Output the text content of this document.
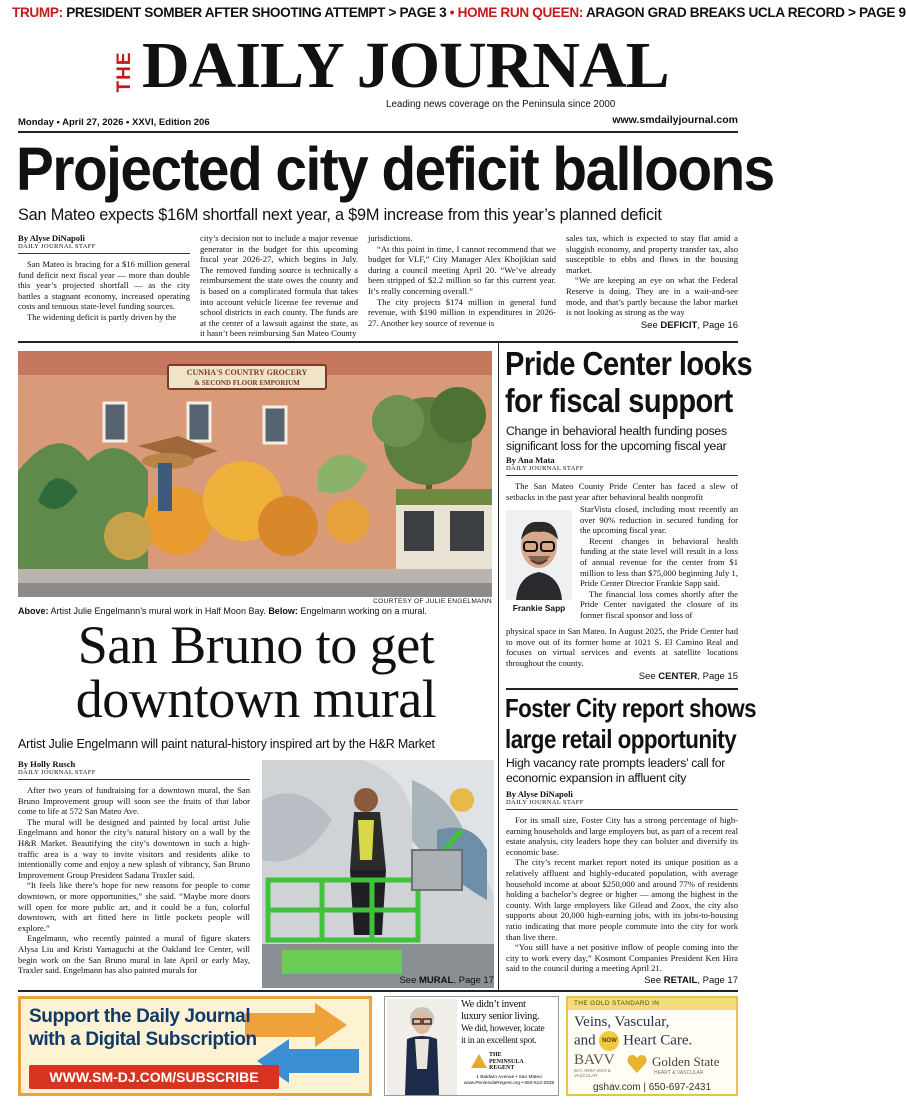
TRUMP: PRESIDENT SOMBER AFTER SHOOTING ATTEMPT > PAGE 3 • HOME RUN QUEEN: ARAGON GRAD BREAKS UCLA RECORD > PAGE 9
THE DAILY JOURNAL
Leading news coverage on the Peninsula since 2000
Monday • April 27, 2026 • XXVI, Edition 206	www.smdailyjournal.com
Projected city deficit balloons
San Mateo expects $16M shortfall next year, a $9M increase from this year’s planned deficit
By Alyse DiNapoli
DAILY JOURNAL STAFF

San Mateo is bracing for a $16 million general fund deficit next fiscal year — more than double this year’s projected shortfall — as the city battles a stagnant economy, increased operating costs and tenuous state-level funding sources.

The widening deficit is partly driven by the

city’s decision not to include a major revenue generator in the budget for this upcoming fiscal year 2026-27, which begins in July. The removed funding source is technically a reimbursement the state owes the county and is based on a complicated formula that takes into account vehicle license fee revenue and school districts in each county. The funds are at the center of a lawsuit against the state, as it hasn’t been reimbursing San Mateo County

jurisdictions.

“At this point in time, I cannot recommend that we budget for VLF,” City Manager Alex Khojikian said during a council meeting April 20. “We’ve already been stripped of $2.2 million so far this current year. It’s really concerning overall.”

The city projects $174 million in general fund revenue, with $190 million in expenditures in 2026-27. Another key source of revenue is

sales tax, which is expected to stay flat amid a sluggish economy, and property transfer tax, also susceptible to ebbs and flows in the housing market.

“We are keeping an eye on what the Federal Reserve is doing. They are in a wait-and-see mode, and that’s partly because the labor market is not looking as strong as the way

See DEFICIT, Page 16
CUNHA'S COUNTRY GROCERY
& SECOND FLOOR EMPORIUM
COURTESY OF JULIE ENGELMANN
Above: Artist Julie Engelmann’s mural work in Half Moon Bay. Below: Engelmann working on a mural.
San Bruno to get
downtown mural
Artist Julie Engelmann will paint natural-history inspired art by the H&R Market
By Holly Rusch
DAILY JOURNAL STAFF

After two years of fundraising for a downtown mural, the San Bruno Improvement group will soon see the fruits of that labor come to life at 572 San Mateo Ave.

The mural will be designed and painted by local artist Julie Engelmann and honor the city’s natural history on a wall by the H&R Market. Beautifying the city’s downtown in such a high-traffic area is a way to invite visitors and residents alike to intentionally come and enjoy a new splash of vibrancy, San Bruno Improvement Group President Sadana Traxler said.

“It feels like there’s hope for new reasons for people to come downtown, or more opportunities,” she said. “Maybe more doors will open for more public art, and it could be a fun, colorful downtown, with art fitted here in little pockets people will explore.”

Engelmann, who recently painted a mural of figure skaters Alysa Liu and Kristi Yamaguchi at the Oakland Ice Center, will begin work on the San Bruno mural in late April or early May, Traxler said. Engelmann has also painted murals for

See MURAL, Page 17
Pride Center looks
for fiscal support
Change in behavioral health funding poses significant loss for the upcoming fiscal year
By Ana Mata
DAILY JOURNAL STAFF

The San Mateo County Pride Center has faced a slew of setbacks in the past year after behavioral health nonprofit

Frankie Sapp

StarVista closed, including most recently an over 90% reduction in secured funding for the upcoming fiscal year.

Recent changes in behavioral health funding at the state level will result in a loss of annual revenue for the center from $1 million to less than $75,000 beginning July 1, Pride Center Director Frankie Sapp said.

The financial loss comes shortly after the Pride Center navigated the closure of its former fiscal sponsor and loss of

physical space in San Mateo. In August 2025, the Pride Center had to move out of its former home at 1021 S. El Camino Real and focuses on virtual services and events at satellite locations throughout the county.

See CENTER, Page 15
Foster City report shows
large retail opportunity
High vacancy rate prompts leaders’ call for economic expansion in affluent city
By Alyse DiNapoli
DAILY JOURNAL STAFF

For its small size, Foster City has a strong percentage of high-earning households and large employers but, as part of a recent real estate analysis, city leaders hope they can bolster and diversify its economic base.

The city’s recent market report noted its unique position as a relatively affluent and highly-educated population, with average household income at about $250,000 and around 77% of residents holding a bachelor’s degree or higher — among the highest in the county. With large employers like Gilead and Zoox, the city also supports about 20,000 high-earning jobs, with its jobs-to-housing ratio indicating that more people commute into the city for work than live there.

“You still have a net positive inflow of people coming into the city to work every day,” Kosmont Companies President Ken Hira said to the council during a meeting April 21.

See RETAIL, Page 17
Support the Daily Journal
with a Digital Subscription
WWW.SM-DJ.COM/SUBSCRIBE
We didn’t invent
luxury senior living.
We did, however, locate
it in an excellent spot.
THE
PENINSULA
REGENT
1 Baldwin Avenue • San Mateo
www.PeninsulaRegent.org • 650-613-2535
THE GOLD STANDARD IN
Veins, Vascular,
and NOW Heart Care.
BAVV
BAY AREA VEIN & VASCULAR
Golden State
HEART & VASCULAR
gshav.com | 650-697-2431
